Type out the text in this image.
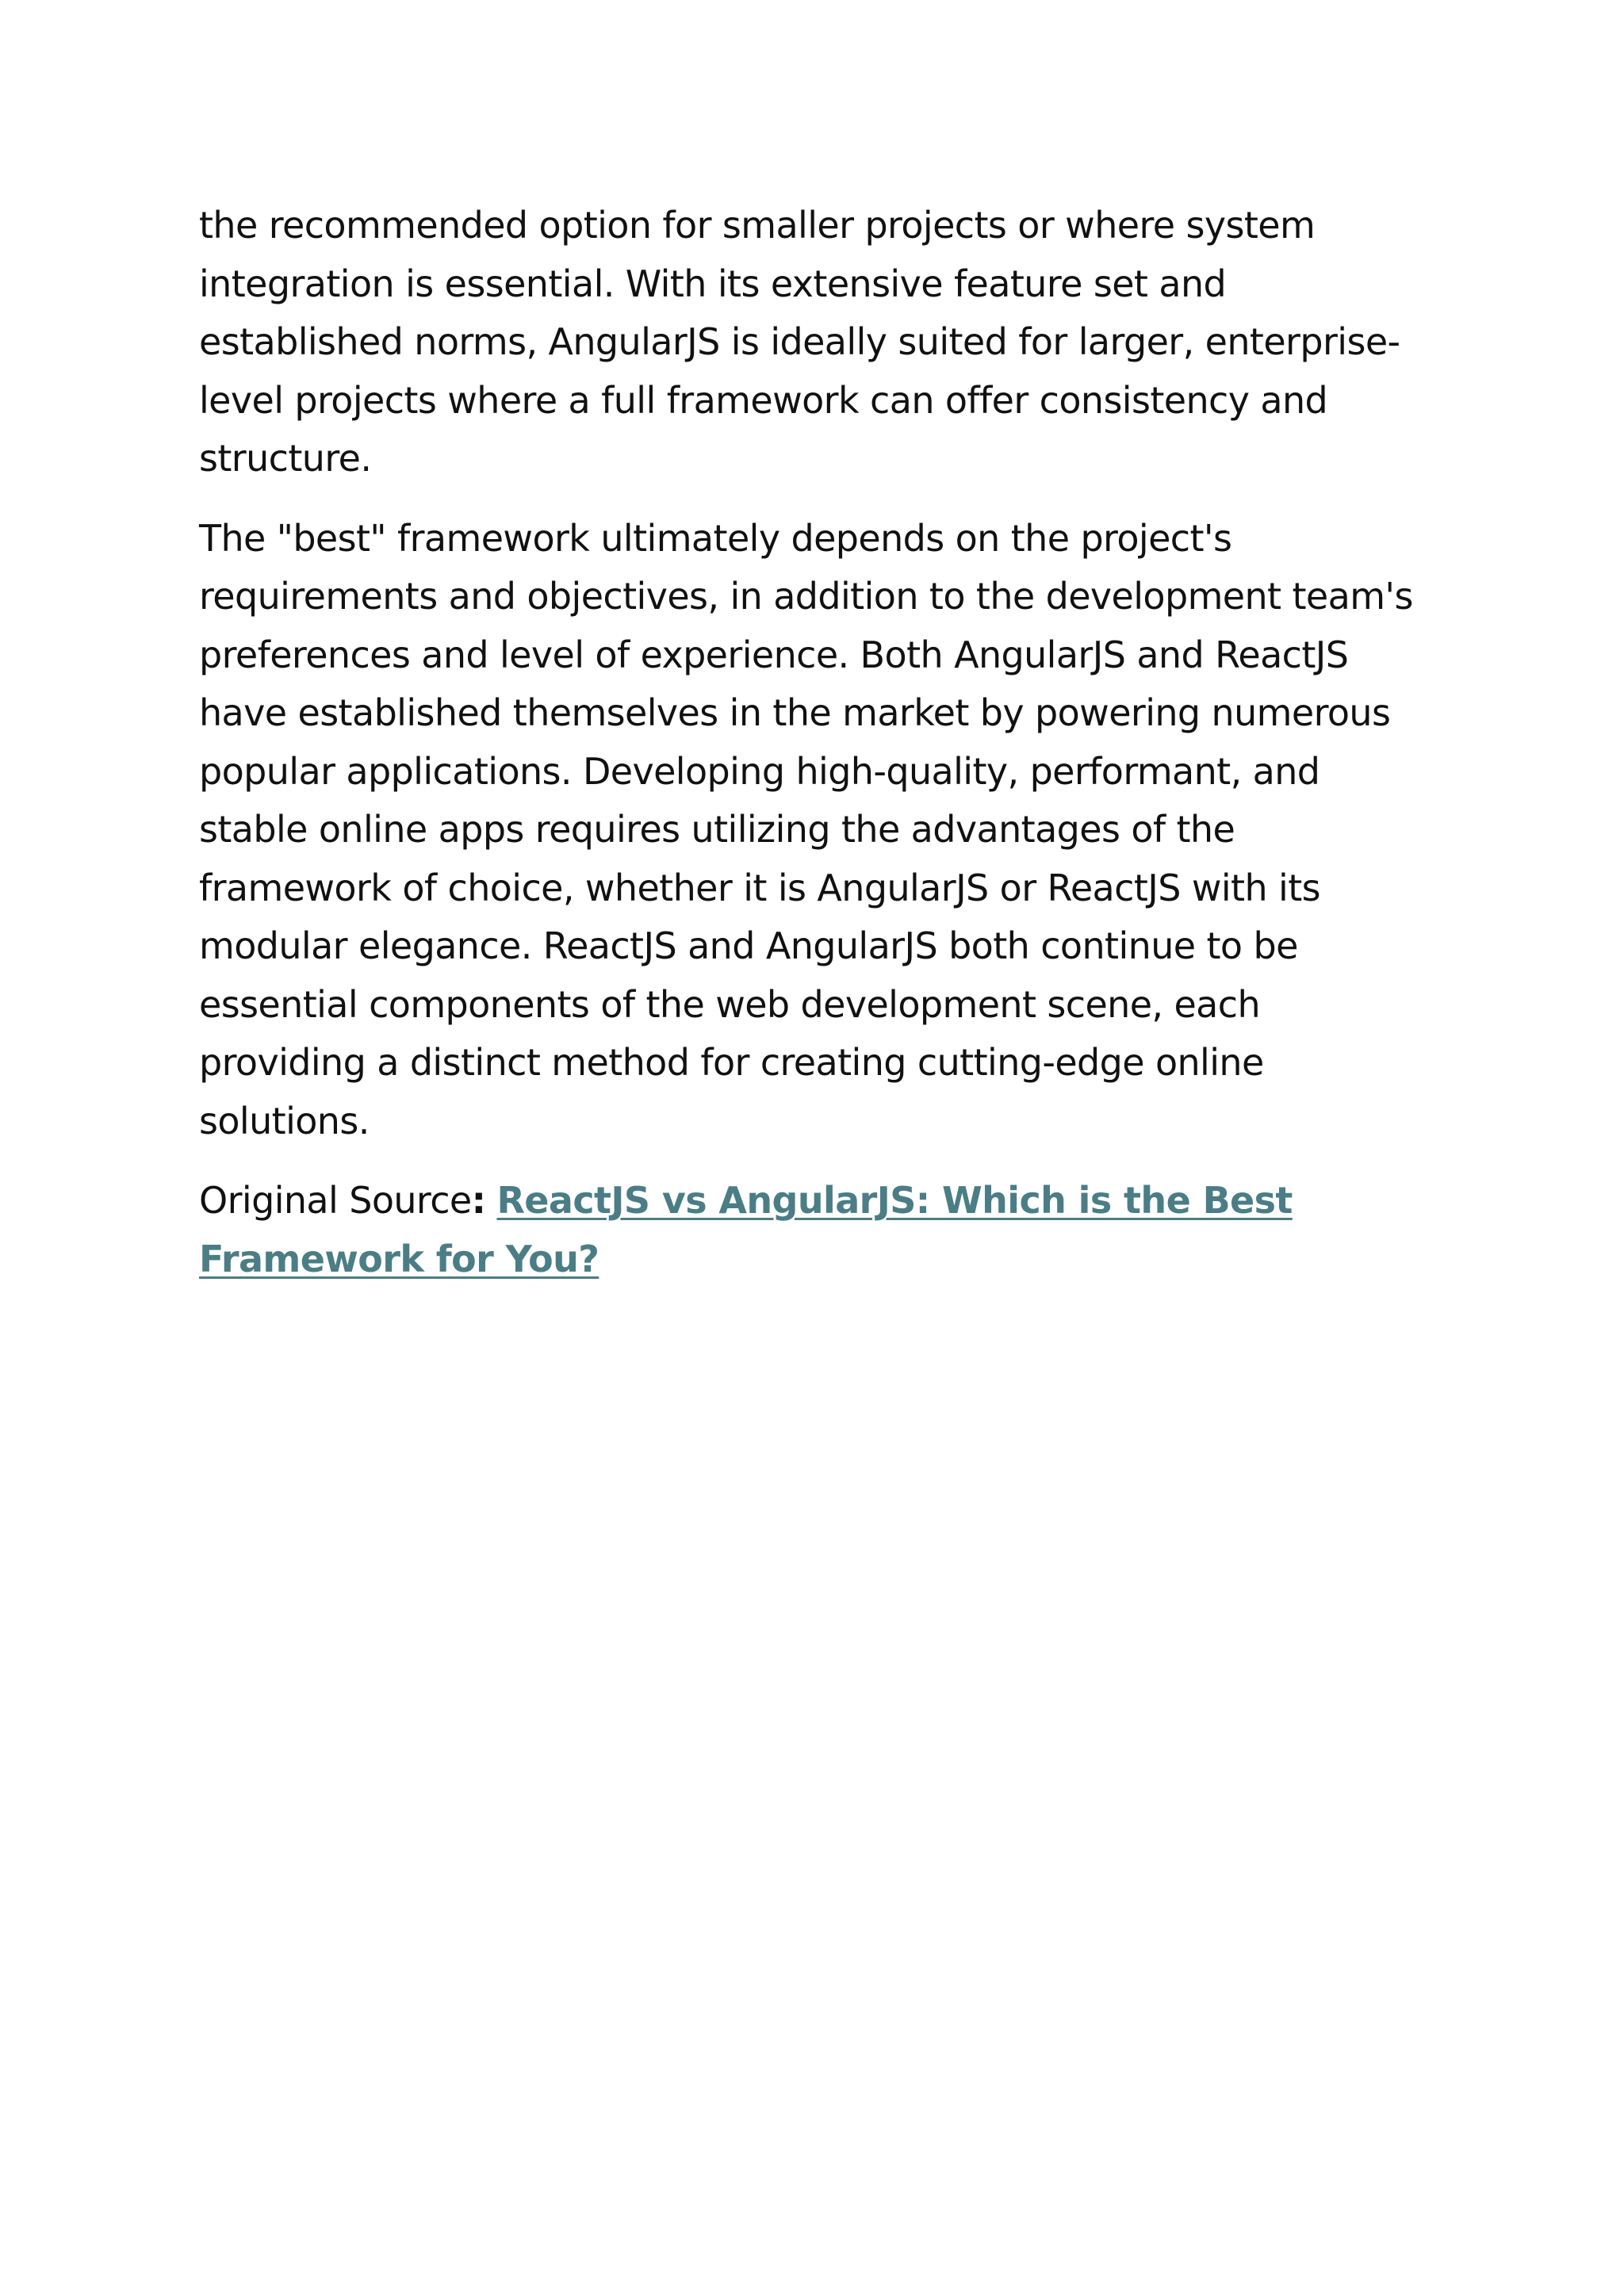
the recommended option for smaller projects or where system integration is essential. With its extensive feature set and established norms, AngularJS is ideally suited for larger, enterprise-level projects where a full framework can offer consistency and structure.

The "best" framework ultimately depends on the project's requirements and objectives, in addition to the development team's preferences and level of experience. Both AngularJS and ReactJS have established themselves in the market by powering numerous popular applications. Developing high-quality, performant, and stable online apps requires utilizing the advantages of the framework of choice, whether it is AngularJS or ReactJS with its modular elegance. ReactJS and AngularJS both continue to be essential components of the web development scene, each providing a distinct method for creating cutting-edge online solutions.

Original Source: ReactJS vs AngularJS: Which is the Best Framework for You?
